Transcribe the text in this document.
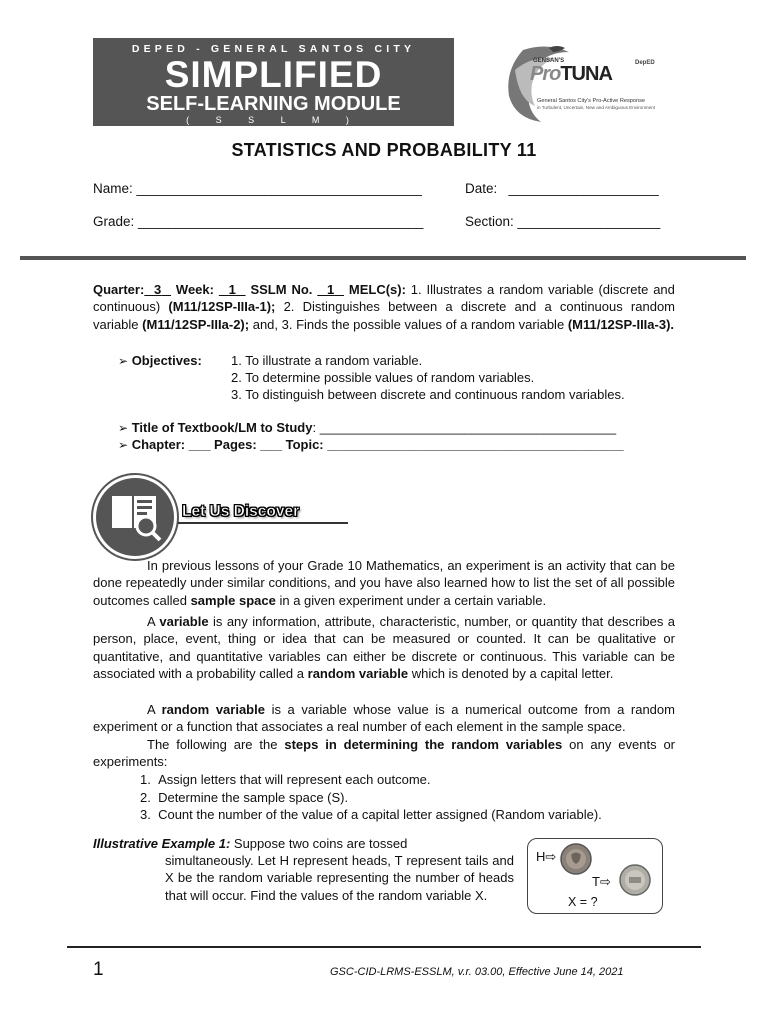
DEPED - GENERAL SANTOS CITY
SIMPLIFIED
SELF-LEARNING MODULE
( S S L M )
GENSAN'S
ProTUNA	DepED
General Santos City's Pro-Active Response
in Turbulent, Uncertain, New and Ambiguous Environment
STATISTICS AND PROBABILITY 11
Name: ______________________________________	Date: ____________________
Grade: ______________________________________	Section: ___________________
Quarter: 3 Week: 1 SSLM No. 1 MELC(s): 1. Illustrates a random variable (discrete and continuous) (M11/12SP-IIIa-1); 2. Distinguishes between a discrete and a continuous random variable (M11/12SP-IIIa-2); and, 3. Finds the possible values of a random variable (M11/12SP-IIIa-3).
➢ Objectives: 1. To illustrate a random variable.
2. To determine possible values of random variables.
3. To distinguish between discrete and continuous random variables.
➢ Title of Textbook/LM to Study: _________________________________________
➢ Chapter: ___ Pages: ___ Topic: _________________________________________
Let Us Discover
In previous lessons of your Grade 10 Mathematics, an experiment is an activity that can be done repeatedly under similar conditions, and you have also learned how to list the set of all possible outcomes called sample space in a given experiment under a certain variable.
A variable is any information, attribute, characteristic, number, or quantity that describes a person, place, event, thing or idea that can be measured or counted. It can be qualitative or quantitative, and quantitative variables can either be discrete or continuous. This variable can be associated with a probability called a random variable which is denoted by a capital letter.
A random variable is a variable whose value is a numerical outcome from a random experiment or a function that associates a real number of each element in the sample space.
The following are the steps in determining the random variables on any events or experiments:
1.  Assign letters that will represent each outcome.
2.  Determine the sample space (S).
3.  Count the number of the value of a capital letter assigned (Random variable).
Illustrative Example 1: Suppose two coins are tossed
simultaneously. Let H represent heads, T represent tails and X be the random variable representing the number of heads that will occur. Find the values of the random variable X.
H⇨
T⇨
X = ?
1	GSC-CID-LRMS-ESSLM, v.r. 03.00, Effective June 14, 2021
